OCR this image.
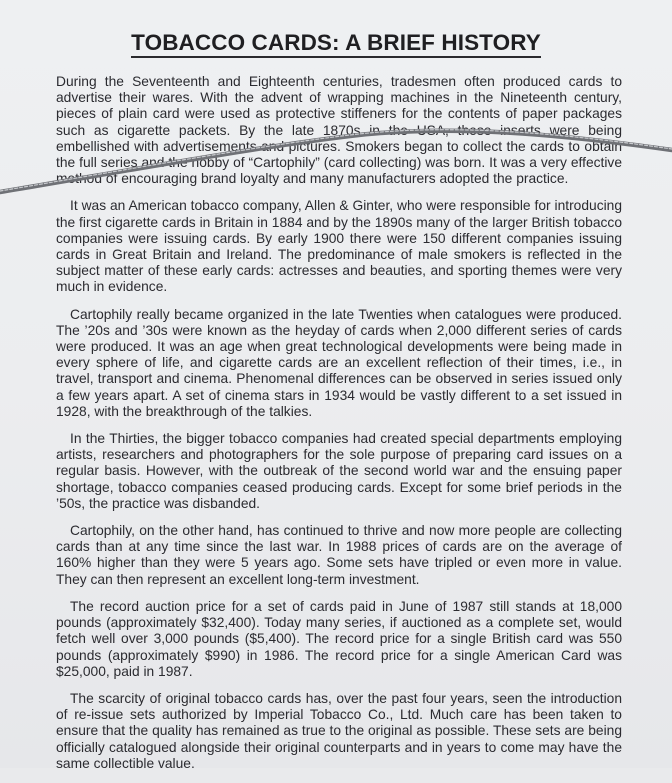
TOBACCO CARDS: A BRIEF HISTORY

During the Seventeenth and Eighteenth centuries, tradesmen often produced cards to advertise their wares. With the advent of wrapping machines in the Nineteenth century, pieces of plain card were used as protective stiffeners for the contents of paper packages such as cigarette packets. By the late 1870s in the USA, these inserts were being embellished with advertisements and pictures. Smokers began to collect the cards to obtain the full series and the hobby of “Cartophily” (card collecting) was born. It was a very effective method of encouraging brand loyalty and many manufacturers adopted the practice.

It was an American tobacco company, Allen & Ginter, who were responsible for introducing the first cigarette cards in Britain in 1884 and by the 1890s many of the larger British tobacco companies were issuing cards. By early 1900 there were 150 different companies issuing cards in Great Britain and Ireland. The predominance of male smokers is reflected in the subject matter of these early cards: actresses and beauties, and sporting themes were very much in evidence.

Cartophily really became organized in the late Twenties when catalogues were produced. The ’20s and ’30s were known as the heyday of cards when 2,000 different series of cards were produced. It was an age when great technological developments were being made in every sphere of life, and cigarette cards are an excellent reflection of their times, i.e., in travel, transport and cinema. Phenomenal differences can be observed in series issued only a few years apart. A set of cinema stars in 1934 would be vastly different to a set issued in 1928, with the breakthrough of the talkies.

In the Thirties, the bigger tobacco companies had created special departments employing artists, researchers and photographers for the sole purpose of preparing card issues on a regular basis. However, with the outbreak of the second world war and the ensuing paper shortage, tobacco companies ceased producing cards. Except for some brief periods in the ’50s, the practice was disbanded.

Cartophily, on the other hand, has continued to thrive and now more people are collecting cards than at any time since the last war. In 1988 prices of cards are on the average of 160% higher than they were 5 years ago. Some sets have tripled or even more in value. They can then represent an excellent long-term investment.

The record auction price for a set of cards paid in June of 1987 still stands at 18,000 pounds (approximately $32,400). Today many series, if auctioned as a complete set, would fetch well over 3,000 pounds ($5,400). The record price for a single British card was 550 pounds (approximately $990) in 1986. The record price for a single American Card was $25,000, paid in 1987.

The scarcity of original tobacco cards has, over the past four years, seen the introduction of re-issue sets authorized by Imperial Tobacco Co., Ltd. Much care has been taken to ensure that the quality has remained as true to the original as possible. These sets are being officially catalogued alongside their original counterparts and in years to come may have the same collectible value.
